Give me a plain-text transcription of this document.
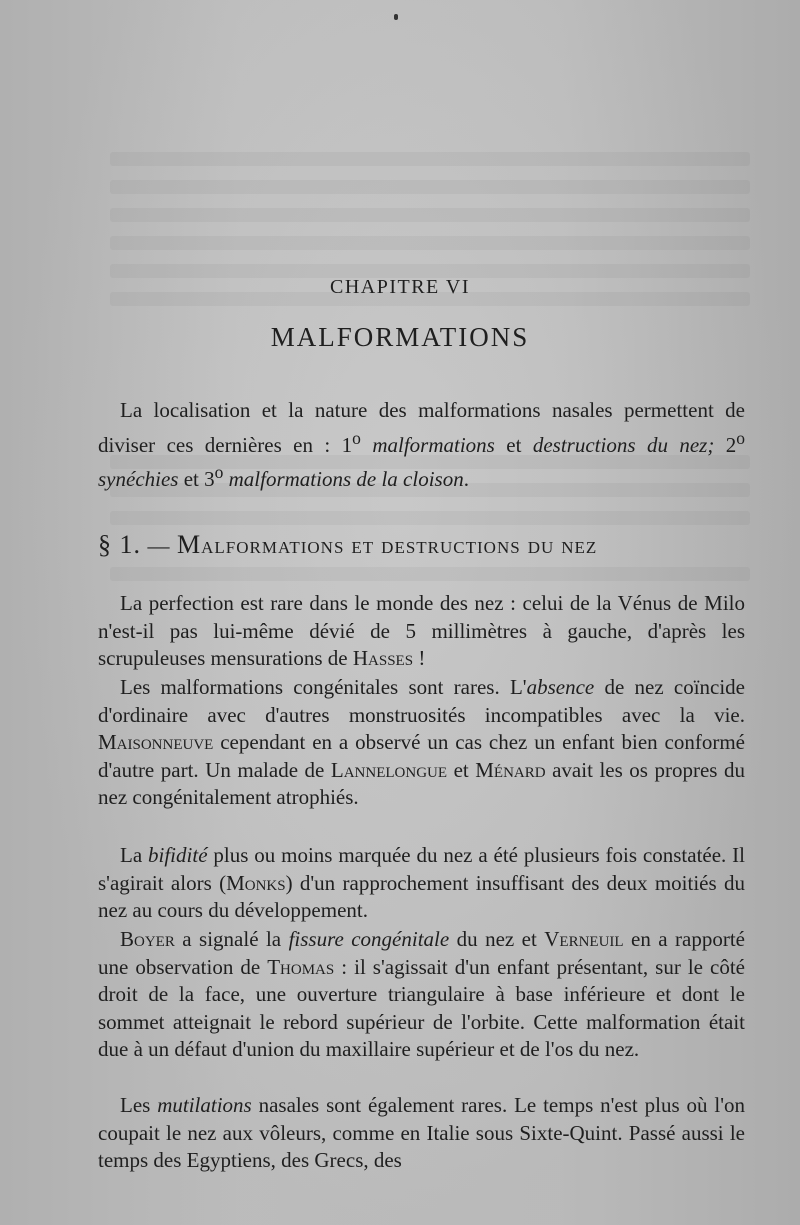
CHAPITRE VI
MALFORMATIONS

La localisation et la nature des malformations nasales permettent de diviser ces dernières en : 1$^o$ malformations et destructions du nez; 2$^o$ synéchies et 3$^o$ malformations de la cloison.

§ 1. — Malformations et destructions du nez

La perfection est rare dans le monde des nez : celui de la Vénus de Milo n'est-il pas lui-même dévié de 5 millimètres à gauche, d'après les scrupuleuses mensurations de Hasses !

Les malformations congénitales sont rares. L'absence de nez coïncide d'ordinaire avec d'autres monstruosités incompatibles avec la vie. Maisonneuve cependant en a observé un cas chez un enfant bien conformé d'autre part. Un malade de Lannelongue et Ménard avait les os propres du nez congénitalement atrophiés.

La bifidité plus ou moins marquée du nez a été plusieurs fois constatée. Il s'agirait alors (Monks) d'un rapprochement insuffisant des deux moitiés du nez au cours du développement.

Boyer a signalé la fissure congénitale du nez et Verneuil en a rapporté une observation de Thomas : il s'agissait d'un enfant présentant, sur le côté droit de la face, une ouverture triangulaire à base inférieure et dont le sommet atteignait le rebord supérieur de l'orbite. Cette malformation était due à un défaut d'union du maxillaire supérieur et de l'os du nez.

Les mutilations nasales sont également rares. Le temps n'est plus où l'on coupait le nez aux vôleurs, comme en Italie sous Sixte-Quint. Passé aussi le temps des Egyptiens, des Grecs, des
